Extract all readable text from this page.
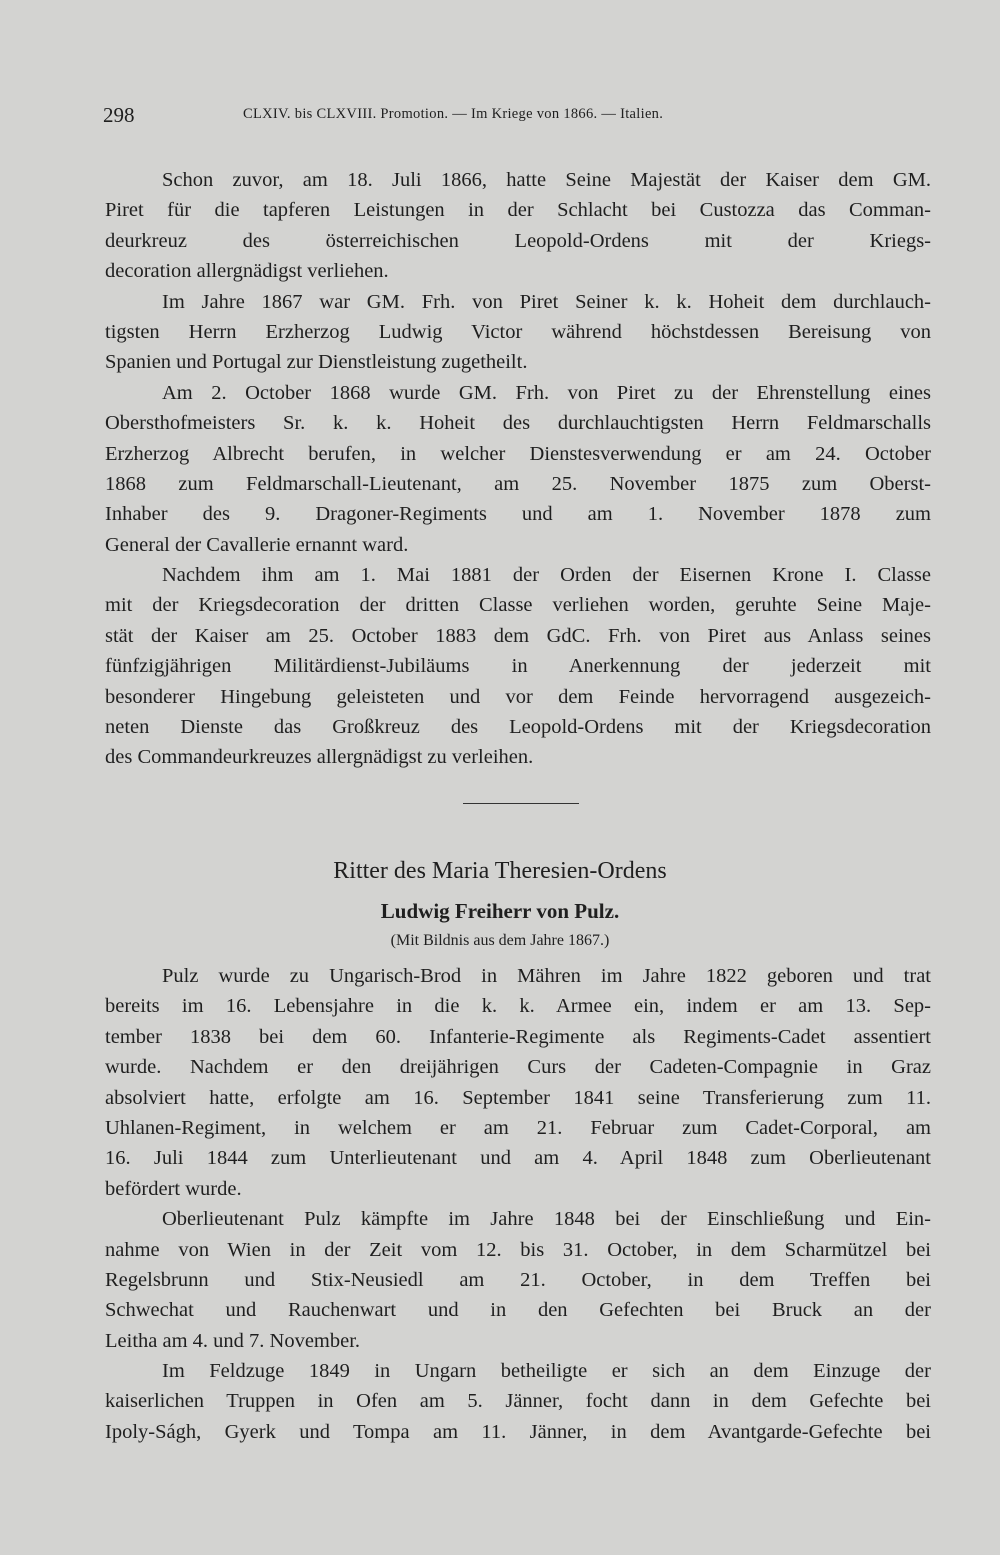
298	CLXIV. bis CLXVIII. Promotion. — Im Kriege von 1866. — Italien.
Schon zuvor, am 18. Juli 1866, hatte Seine Majestät der Kaiser dem GM.
Piret für die tapferen Leistungen in der Schlacht bei Custozza das Comman-
deurkreuz des österreichischen Leopold-Ordens mit der Kriegs-
decoration allergnädigst verliehen.
Im Jahre 1867 war GM. Frh. von Piret Seiner k. k. Hoheit dem durchlauch-
tigsten Herrn Erzherzog Ludwig Victor während höchstdessen Bereisung von
Spanien und Portugal zur Dienstleistung zugetheilt.
Am 2. October 1868 wurde GM. Frh. von Piret zu der Ehrenstellung eines
Obersthofmeisters Sr. k. k. Hoheit des durchlauchtigsten Herrn Feldmarschalls
Erzherzog Albrecht berufen, in welcher Dienstesverwendung er am 24. October
1868 zum Feldmarschall-Lieutenant, am 25. November 1875 zum Oberst-
Inhaber des 9. Dragoner-Regiments und am 1. November 1878 zum
General der Cavallerie ernannt ward.
Nachdem ihm am 1. Mai 1881 der Orden der Eisernen Krone I. Classe
mit der Kriegsdecoration der dritten Classe verliehen worden, geruhte Seine Maje-
stät der Kaiser am 25. October 1883 dem GdC. Frh. von Piret aus Anlass seines
fünfzigjährigen Militärdienst-Jubiläums in Anerkennung der jederzeit mit
besonderer Hingebung geleisteten und vor dem Feinde hervorragend ausgezeich-
neten Dienste das Großkreuz des Leopold-Ordens mit der Kriegsdecoration
des Commandeurkreuzes allergnädigst zu verleihen.
Ritter des Maria Theresien-Ordens
Ludwig Freiherr von Pulz.
(Mit Bildnis aus dem Jahre 1867.)
Pulz wurde zu Ungarisch-Brod in Mähren im Jahre 1822 geboren und trat
bereits im 16. Lebensjahre in die k. k. Armee ein, indem er am 13. Sep-
tember 1838 bei dem 60. Infanterie-Regimente als Regiments-Cadet assentiert
wurde. Nachdem er den dreijährigen Curs der Cadeten-Compagnie in Graz
absolviert hatte, erfolgte am 16. September 1841 seine Transferierung zum 11.
Uhlanen-Regiment, in welchem er am 21. Februar zum Cadet-Corporal, am
16. Juli 1844 zum Unterlieutenant und am 4. April 1848 zum Oberlieutenant
befördert wurde.
Oberlieutenant Pulz kämpfte im Jahre 1848 bei der Einschließung und Ein-
nahme von Wien in der Zeit vom 12. bis 31. October, in dem Scharmützel bei
Regelsbrunn und Stix-Neusiedl am 21. October, in dem Treffen bei
Schwechat und Rauchenwart und in den Gefechten bei Bruck an der
Leitha am 4. und 7. November.
Im Feldzuge 1849 in Ungarn betheiligte er sich an dem Einzuge der
kaiserlichen Truppen in Ofen am 5. Jänner, focht dann in dem Gefechte bei
Ipoly-Ságh, Gyerk und Tompa am 11. Jänner, in dem Avantgarde-Gefechte bei
